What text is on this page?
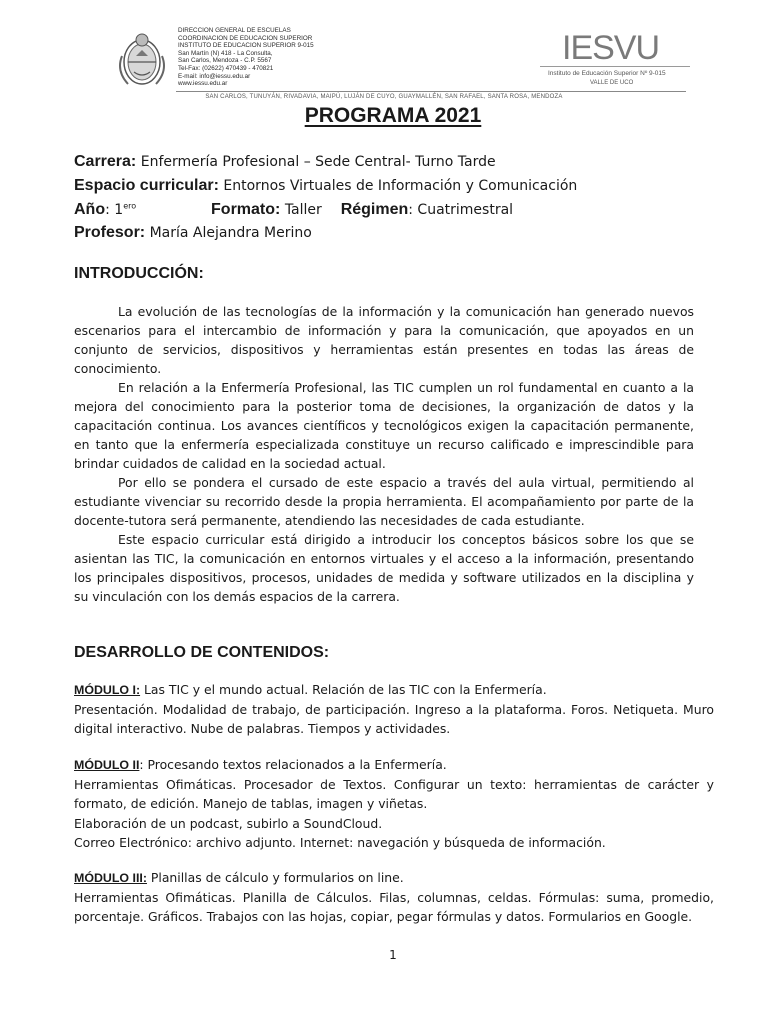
DIRECCION GENERAL DE ESCUELAS
COORDINACION DE EDUCACION SUPERIOR
INSTITUTO DE EDUCACION SUPERIOR 9-015
San Martín (N) 418 - La Consulta,
San Carlos, Mendoza - C.P. 5567
Tel-Fax: (02622) 470439 - 470821
E-mail: info@iessu.edu.ar
www.iessu.edu.ar
IESVU
Instituto de Educación Superior Nº 9-015
VALLE DE UCO
SAN CARLOS, TUNUYÁN, RIVADAVIA, MAIPÚ, LUJÁN DE CUYO, GUAYMALLÉN, SAN RAFAEL, SANTA ROSA, MENDOZA
PROGRAMA 2021
Carrera: Enfermería Profesional – Sede Central- Turno Tarde
Espacio curricular: Entornos Virtuales de Información y Comunicación
Año: $1^{ero}$	Formato: Taller Régimen: Cuatrimestral
Profesor: María Alejandra Merino
INTRODUCCIÓN:
La evolución de las tecnologías de la información y la comunicación han generado nuevos escenarios para el intercambio de información y para la comunicación, que apoyados en un conjunto de servicios, dispositivos y herramientas están presentes en todas las áreas de conocimiento.
En relación a la Enfermería Profesional, las TIC cumplen un rol fundamental en cuanto a la mejora del conocimiento para la posterior toma de decisiones, la organización de datos y la capacitación continua. Los avances científicos y tecnológicos exigen la capacitación permanente, en tanto que la enfermería especializada constituye un recurso calificado e imprescindible para brindar cuidados de calidad en la sociedad actual.
Por ello se pondera el cursado de este espacio a través del aula virtual, permitiendo al estudiante vivenciar su recorrido desde la propia herramienta. El acompañamiento por parte de la docente-tutora será permanente, atendiendo las necesidades de cada estudiante.
Este espacio curricular está dirigido a introducir los conceptos básicos sobre los que se asientan las TIC, la comunicación en entornos virtuales y el acceso a la información, presentando los principales dispositivos, procesos, unidades de medida y software utilizados en la disciplina y su vinculación con los demás espacios de la carrera.
DESARROLLO DE CONTENIDOS:
MÓDULO I: Las TIC y el mundo actual. Relación de las TIC con la Enfermería.
Presentación. Modalidad de trabajo, de participación. Ingreso a la plataforma. Foros. Netiqueta. Muro digital interactivo. Nube de palabras. Tiempos y actividades.
MÓDULO II: Procesando textos relacionados a la Enfermería.
Herramientas Ofimáticas. Procesador de Textos. Configurar un texto: herramientas de carácter y formato, de edición. Manejo de tablas, imagen y viñetas.
Elaboración de un podcast, subirlo a SoundCloud.
Correo Electrónico: archivo adjunto. Internet: navegación y búsqueda de información.
MÓDULO III: Planillas de cálculo y formularios on line.
Herramientas Ofimáticas. Planilla de Cálculos. Filas, columnas, celdas. Fórmulas: suma, promedio, porcentaje. Gráficos. Trabajos con las hojas, copiar, pegar fórmulas y datos. Formularios en Google.
1
